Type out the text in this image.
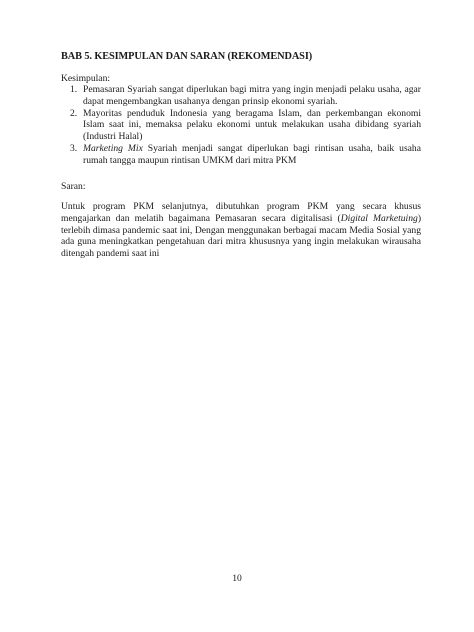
BAB 5. KESIMPULAN DAN SARAN (REKOMENDASI)
Kesimpulan:
1. Pemasaran Syariah sangat diperlukan bagi mitra yang ingin menjadi pelaku usaha, agar dapat mengembangkan usahanya dengan prinsip ekonomi syariah.
2. Mayoritas penduduk Indonesia yang beragama Islam, dan perkembangan ekonomi Islam saat ini, memaksa pelaku ekonomi untuk melakukan usaha dibidang syariah (Industri Halal)
3. Marketing Mix Syariah menjadi sangat diperlukan bagi rintisan usaha, baik usaha rumah tangga maupun rintisan UMKM dari mitra PKM
Saran:
Untuk program PKM selanjutnya, dibutuhkan program PKM yang secara khusus mengajarkan dan melatih bagaimana Pemasaran secara digitalisasi (Digital Marketuing) terlebih dimasa pandemic saat ini, Dengan menggunakan berbagai macam Media Sosial yang ada guna meningkatkan pengetahuan dari mitra khususnya yang ingin melakukan wirausaha ditengah pandemi saat ini
10
